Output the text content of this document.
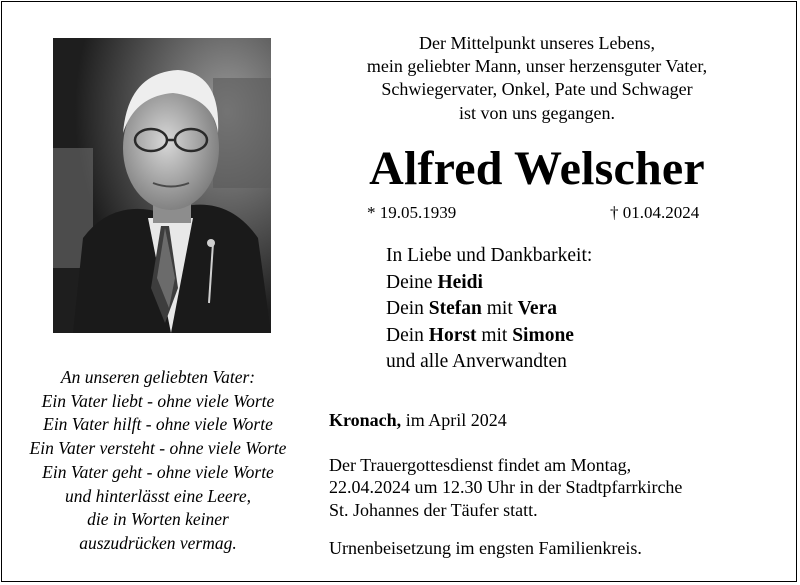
An unseren geliebten Vater:
Ein Vater liebt - ohne viele Worte
Ein Vater hilft - ohne viele Worte
Ein Vater versteht - ohne viele Worte
Ein Vater geht - ohne viele Worte
und hinterlässt eine Leere,
die in Worten keiner
auszudrücken vermag.
Der Mittelpunkt unseres Lebens,
mein geliebter Mann, unser herzensguter Vater,
Schwiegervater, Onkel, Pate und Schwager
ist von uns gegangen.
Alfred Welscher
* 19.05.1939	† 01.04.2024
In Liebe und Dankbarkeit:
Deine Heidi
Dein Stefan mit Vera
Dein Horst mit Simone
und alle Anverwandten
Kronach, im April 2024
Der Trauergottesdienst findet am Montag,
22.04.2024 um 12.30 Uhr in der Stadtpfarrkirche
St. Johannes der Täufer statt.
Urnenbeisetzung im engsten Familienkreis.
